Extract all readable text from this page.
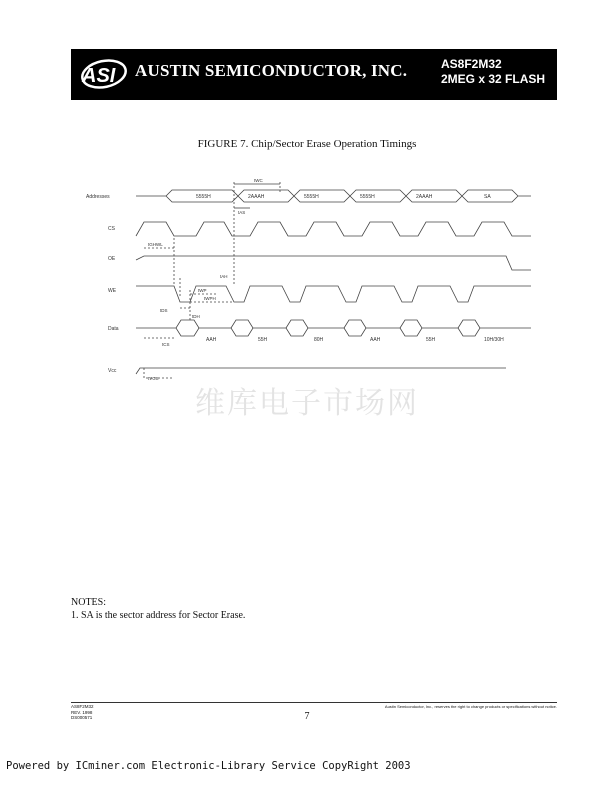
ASI AUSTIN SEMICONDUCTOR, INC.	AS8F2M32
2MEG x 32 FLASH
FIGURE 7. Chip/Sector Erase Operation Timings
Addresses
CS
OE
WE
Data
Vcc
5555H	2AAAH	5555H	5555H	2AAAH	SA
AAH	55H	80H	AAH	55H	10H/30H
tWC
tAS
tAH
tGHWL
tWP
tWPH
tDS
tDH
tCS
tVCS
维库电子市场网
NOTES:
1. SA is the sector address for Sector Erase.
AS8F2M32
REV. 1998
DS000571
Austin Semiconductor, Inc., reserves the right to change products or specifications without notice.
7
Powered by ICminer.com Electronic-Library Service CopyRight 2003
